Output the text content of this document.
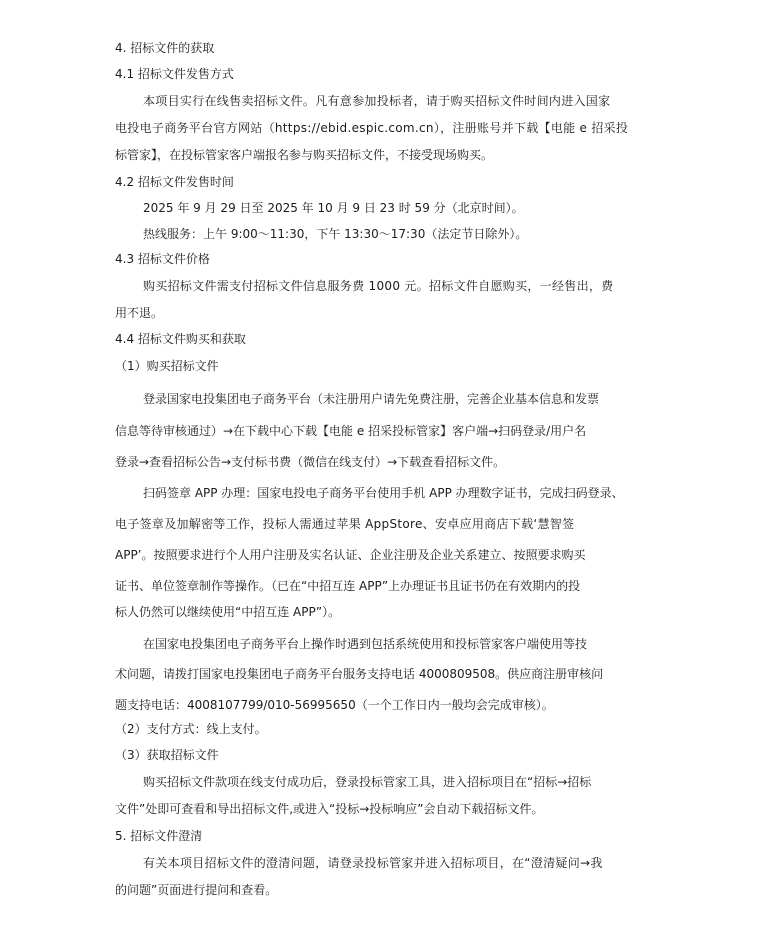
4. 招标文件的获取

4.1 招标文件发售方式

本项目实行在线售卖招标文件。凡有意参加投标者，请于购买招标文件时间内进入国家

电投电子商务平台官方网站（https://ebid.espic.com.cn），注册账号并下载【电能 e 招采投

标管家】，在投标管家客户端报名参与购买招标文件，不接受现场购买。

4.2 招标文件发售时间

2025 年 9 月 29 日至 2025 年 10 月 9 日 23 时 59 分（北京时间）。

热线服务：上午 9:00～11:30，下午 13:30～17:30（法定节日除外）。

4.3 招标文件价格

购买招标文件需支付招标文件信息服务费 1000 元。招标文件自愿购买，一经售出，费

用不退。

4.4 招标文件购买和获取

（1）购买招标文件

登录国家电投集团电子商务平台（未注册用户请先免费注册，完善企业基本信息和发票

信息等待审核通过）→在下载中心下载【电能 e 招采投标管家】客户端→扫码登录/用户名

登录→查看招标公告→支付标书费（微信在线支付）→下载查看招标文件。

扫码签章 APP 办理：国家电投电子商务平台使用手机 APP 办理数字证书，完成扫码登录、

电子签章及加解密等工作，投标人需通过苹果 AppStore、安卓应用商店下载‘慧智签

APP’。按照要求进行个人用户注册及实名认证、企业注册及企业关系建立、按照要求购买

证书、单位签章制作等操作。（已在“中招互连 APP”上办理证书且证书仍在有效期内的投

标人仍然可以继续使用“中招互连 APP”）。

在国家电投集团电子商务平台上操作时遇到包括系统使用和投标管家客户端使用等技

术问题，请拨打国家电投集团电子商务平台服务支持电话 4000809508。供应商注册审核问

题支持电话：4008107799/010-56995650（一个工作日内一般均会完成审核）。

（2）支付方式：线上支付。

（3）获取招标文件

购买招标文件款项在线支付成功后，登录投标管家工具，进入招标项目在“招标→招标

文件”处即可查看和导出招标文件,或进入“投标→投标响应”会自动下载招标文件。

5. 招标文件澄清

有关本项目招标文件的澄清问题，请登录投标管家并进入招标项目，在“澄清疑问→我

的问题”页面进行提问和查看。
